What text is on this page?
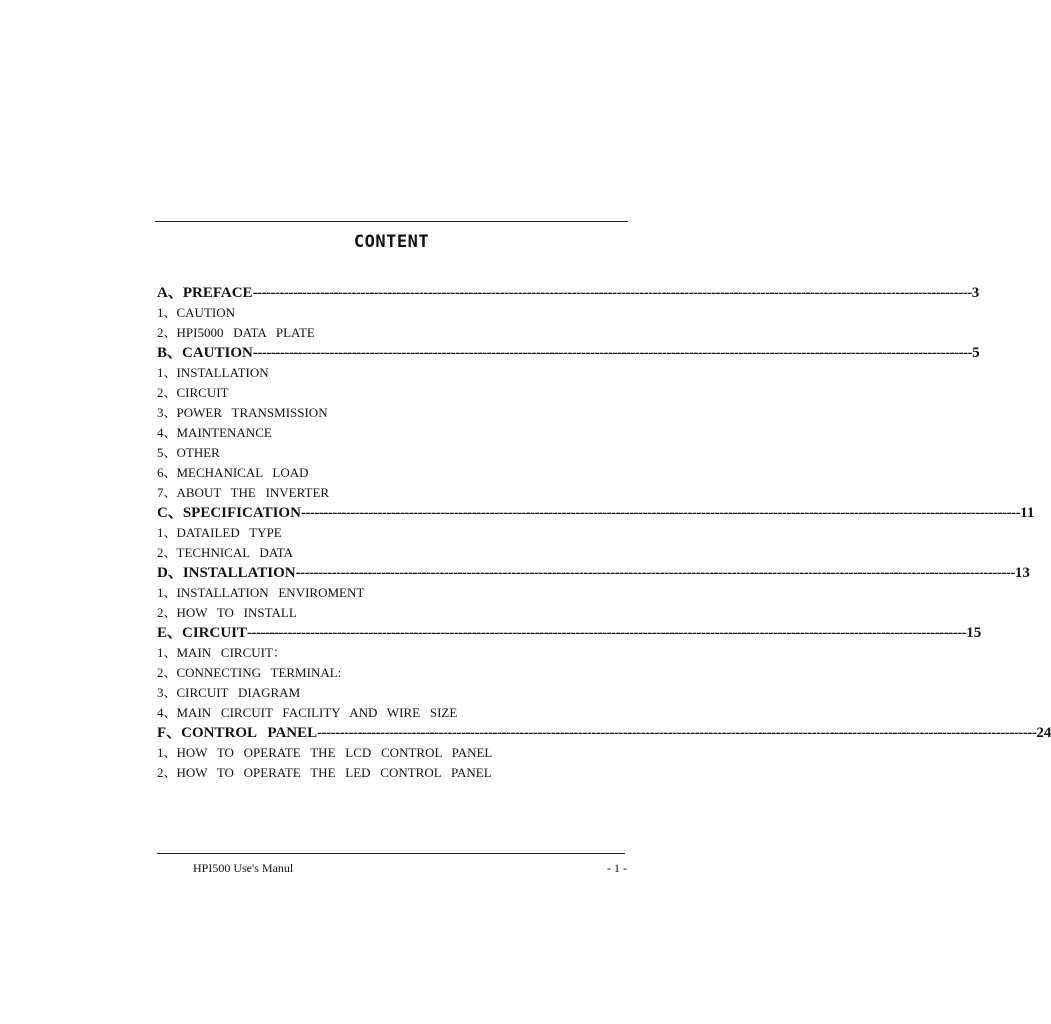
CONTENT
A、PREFACE ---------------------------------------------------------------------------------------------------------------------------------------------------------------- 3
1、CAUTION
2、HPI5000   DATA   PLATE
B、CAUTION ---------------------------------------------------------------------------------------------------------------------------------------------------------------- 5
1、INSTALLATION
2、CIRCUIT
3、POWER   TRANSMISSION
4、MAINTENANCE
5、OTHER
6、MECHANICAL   LOAD
7、ABOUT   THE   INVERTER
C、SPECIFICATION ---------------------------------------------------------------------------------------------------------------------------------------------------------------- 11
1、DATAILED   TYPE
2、TECHNICAL   DATA
D、INSTALLATION ---------------------------------------------------------------------------------------------------------------------------------------------------------------- 13
1、INSTALLATION   ENVIROMENT
2、HOW   TO   INSTALL
E、CIRCUIT ---------------------------------------------------------------------------------------------------------------------------------------------------------------- 15
1、MAIN   CIRCUIT：
2、CONNECTING   TERMINAL:
3、CIRCUIT   DIAGRAM
4、MAIN   CIRCUIT   FACILITY   AND   WIRE   SIZE
F、CONTROL   PANEL ---------------------------------------------------------------------------------------------------------------------------------------------------------------- 24
1、HOW   TO   OPERATE   THE   LCD   CONTROL   PANEL
2、HOW   TO   OPERATE   THE   LED   CONTROL   PANEL
HPI500 Use's Manul	- 1 -
